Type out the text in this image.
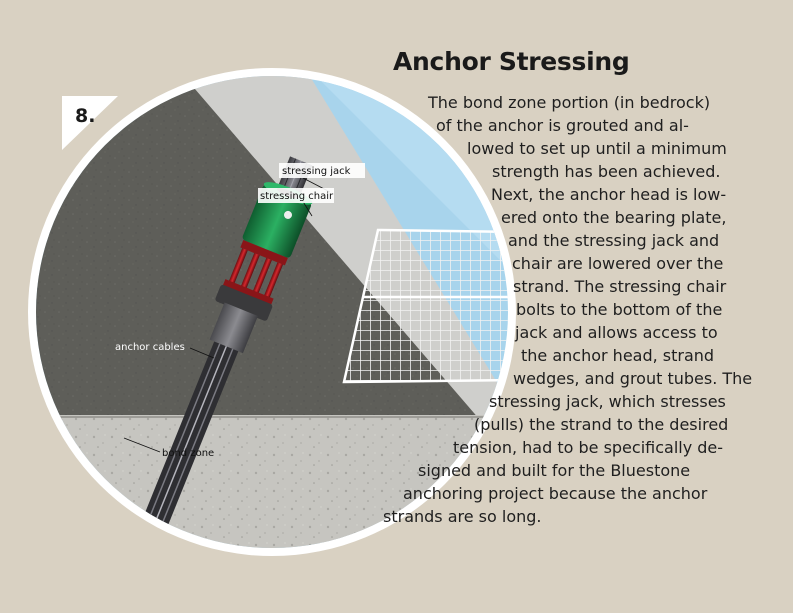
stressing jack
stressing chair
anchor cables
bond zone
8.
Anchor Stressing
The bond zone portion (in bedrock)
of the anchor is grouted and al-
lowed to set up until a minimum
strength has been achieved.
Next, the anchor head is low-
ered onto the bearing plate,
and the stressing jack and
chair are lowered over the
strand. The stressing chair
bolts to the bottom of the
jack and allows access to
the anchor head, strand
wedges, and grout tubes. The
stressing jack, which stresses
(pulls) the strand to the desired
tension, had to be specifically de-
signed and built for the Bluestone
anchoring project because the anchor
strands are so long.
